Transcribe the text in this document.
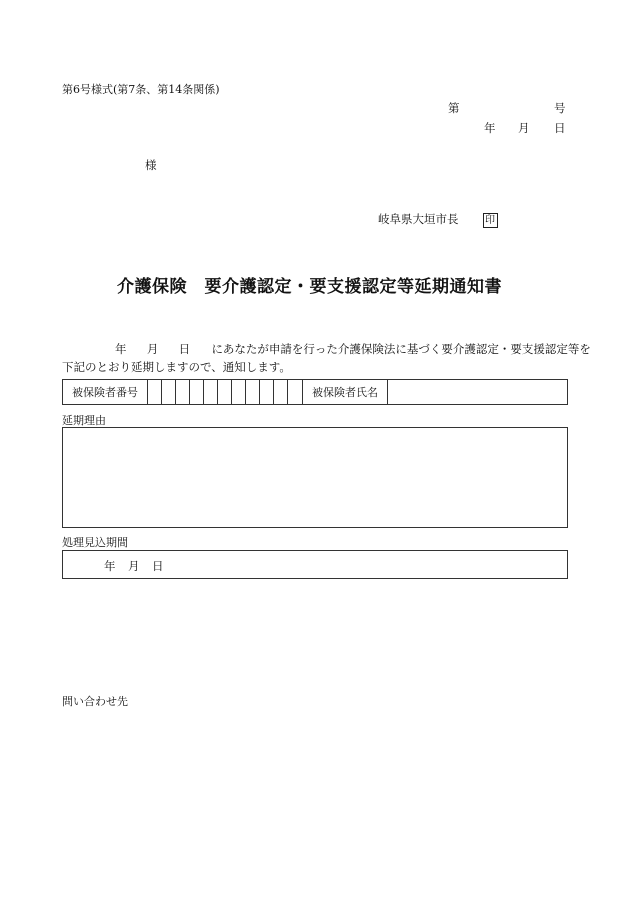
第6号様式(第7条、第14条関係)
第	号
年 月 日
様
岐阜県大垣市長	印
介護保険　要介護認定・要支援認定等延期通知書
年 月 日 にあなたが申請を行った介護保険法に基づく要介護認定・要支援認定等を
下記のとおり延期しますので、通知します。
被保険者番号												被保険者氏名	
延期理由
処理見込期間
年 月 日
問い合わせ先
